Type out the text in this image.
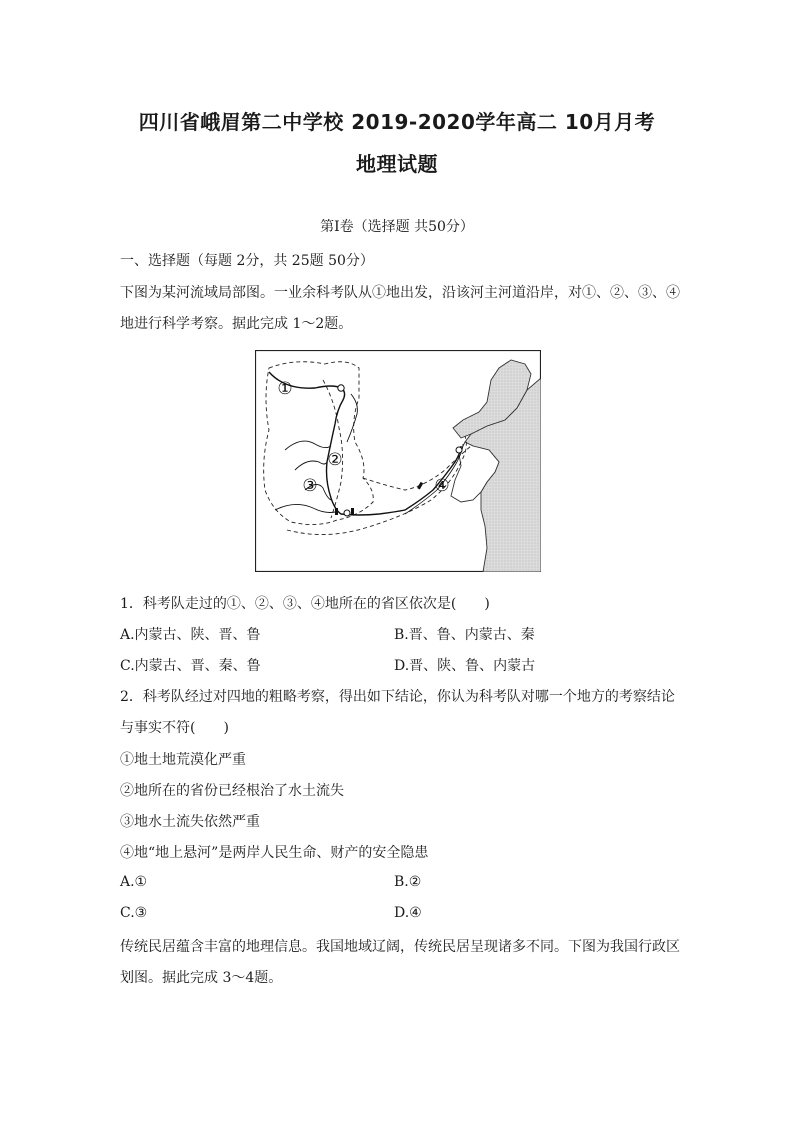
四川省峨眉第二中学校 2019-2020学年高二 10月月考
地理试题
第Ⅰ卷（选择题 共50分）
一、选择题（每题 2分，共 25题 50分）
下图为某河流域局部图。一业余科考队从①地出发，沿该河主河道沿岸，对①、②、③、④
地进行科学考察。据此完成 1～2题。
①
②
③	④
1．科考队走过的①、②、③、④地所在的省区依次是(　　)
A.内蒙古、陕、晋、鲁	B.晋、鲁、内蒙古、秦
C.内蒙古、晋、秦、鲁	D.晋、陕、鲁、内蒙古
2．科考队经过对四地的粗略考察，得出如下结论，你认为科考队对哪一个地方的考察结论
与事实不符(　　)
①地土地荒漠化严重
②地所在的省份已经根治了水土流失
③地水土流失依然严重
④地“地上悬河”是两岸人民生命、财产的安全隐患
A.①	B.②
C.③	D.④
传统民居蕴含丰富的地理信息。我国地域辽阔，传统民居呈现诸多不同。下图为我国行政区
划图。据此完成 3～4题。
